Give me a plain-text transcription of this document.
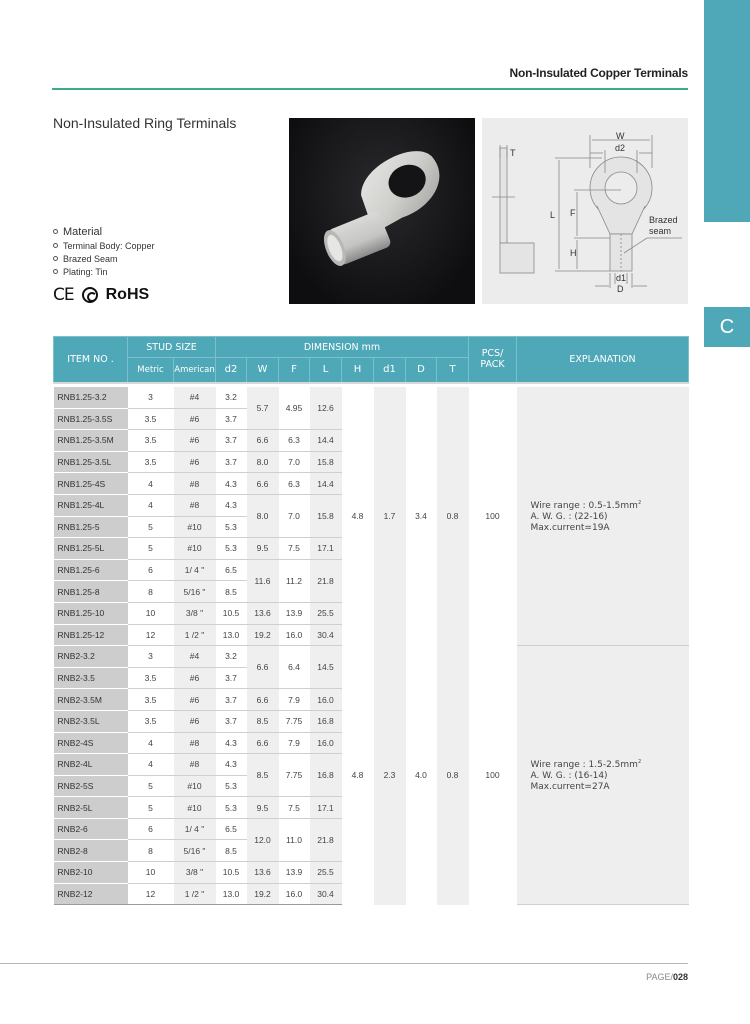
C
Non-Insulated Copper Terminals
Non-Insulated Ring Terminals
Material
Terminal Body: Copper
Brazed Seam
Plating: Tin
CE RoHS
T
W
d2
L F
H
d1
D
Brazed
seam
ITEM NO .	STUD SIZE		DIMENSION mm								PCS/
PACK	EXPLANATION
	Metric	American	d2	W	F	L	H	d1	D	T		

RNB1.25-3.2	3	#4	3.2	5.7	4.95	12.6	4.8	1.7	3.4	0.8	100	Wire range : $0.5-1.5mm^2$
A. W. G. : (22-16)
Max.current=19A
RNB1.25-3.5S	3.5	#6	3.7									
RNB1.25-3.5M	3.5	#6	3.7	6.6	6.3	14.4						
RNB1.25-3.5L	3.5	#6	3.7	8.0	7.0	15.8						
RNB1.25-4S	4	#8	4.3	6.6	6.3	14.4						
RNB1.25-4L	4	#8	4.3	8.0	7.0	15.8						
RNB1.25-5	5	#10	5.3									
RNB1.25-5L	5	#10	5.3	9.5	7.5	17.1						
RNB1.25-6	6	1/ 4 "	6.5	11.6	11.2	21.8						
RNB1.25-8	8	5/16 "	8.5									
RNB1.25-10	10	3/8 "	10.5	13.6	13.9	25.5						
RNB1.25-12	12	1 /2 "	13.0	19.2	16.0	30.4						
RNB2-3.2	3	#4	3.2	6.6	6.4	14.5	4.8	2.3	4.0	0.8	100	Wire range : $1.5-2.5mm^2$
A. W. G. : (16-14)
Max.current=27A
RNB2-3.5	3.5	#6	3.7									
RNB2-3.5M	3.5	#6	3.7	6.6	7.9	16.0						
RNB2-3.5L	3.5	#6	3.7	8.5	7.75	16.8						
RNB2-4S	4	#8	4.3	6.6	7.9	16.0						
RNB2-4L	4	#8	4.3	8.5	7.75	16.8						
RNB2-5S	5	#10	5.3									
RNB2-5L	5	#10	5.3	9.5	7.5	17.1						
RNB2-6	6	1/ 4 "	6.5	12.0	11.0	21.8						
RNB2-8	8	5/16 "	8.5									
RNB2-10	10	3/8 "	10.5	13.6	13.9	25.5						
RNB2-12	12	1 /2 "	13.0	19.2	16.0	30.4						
PAGE/028
